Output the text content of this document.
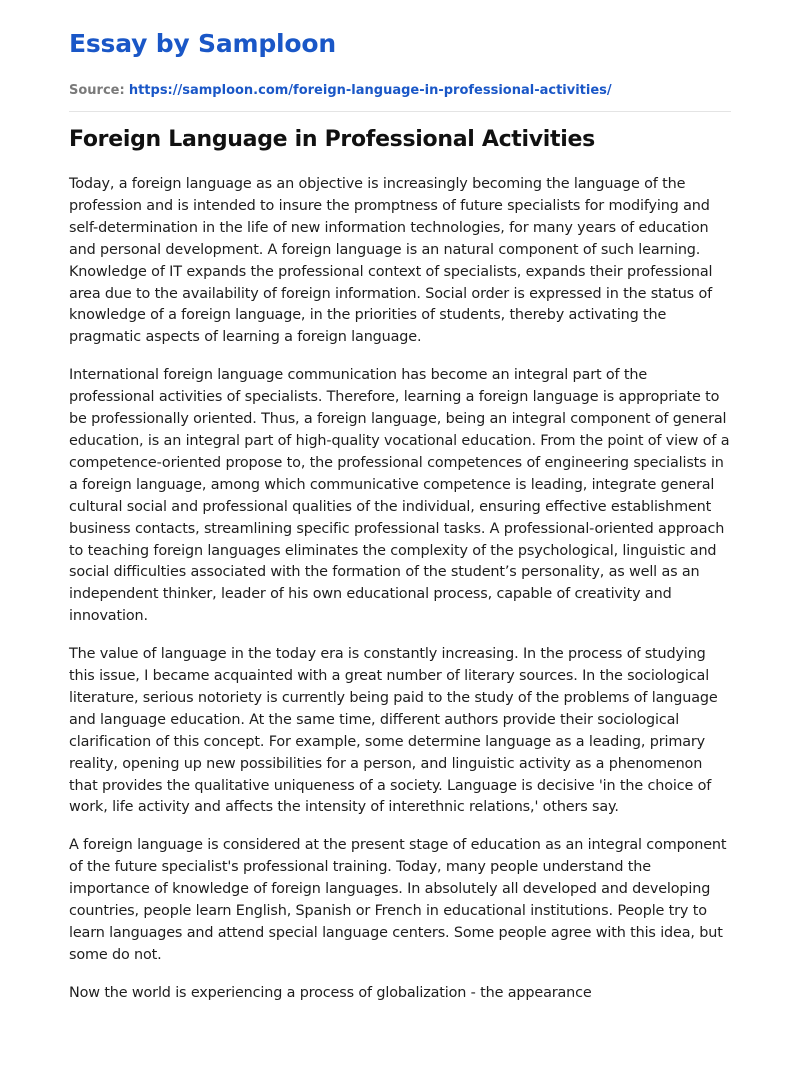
Essay by Samploon
Source: https://samploon.com/foreign-language-in-professional-activities/
Foreign Language in Professional Activities

Today, a foreign language as an objective is increasingly becoming the language of the profession and is intended to insure the promptness of future specialists for modifying and self-determination in the life of new information technologies, for many years of education and personal development. A foreign language is an natural component of such learning. Knowledge of IT expands the professional context of specialists, expands their professional area due to the availability of foreign information. Social order is expressed in the status of knowledge of a foreign language, in the priorities of students, thereby activating the pragmatic aspects of learning a foreign language.

International foreign language communication has become an integral part of the professional activities of specialists. Therefore, learning a foreign language is appropriate to be professionally oriented. Thus, a foreign language, being an integral component of general education, is an integral part of high-quality vocational education. From the point of view of a competence-oriented propose to, the professional competences of engineering specialists in a foreign language, among which communicative competence is leading, integrate general cultural social and professional qualities of the individual, ensuring effective establishment business contacts, streamlining specific professional tasks. A professional-oriented approach to teaching foreign languages eliminates the complexity of the psychological, linguistic and social difficulties associated with the formation of the student’s personality, as well as an independent thinker, leader of his own educational process, capable of creativity and innovation.

The value of language in the today era is constantly increasing. In the process of studying this issue, I became acquainted with a great number of literary sources. In the sociological literature, serious notoriety is currently being paid to the study of the problems of language and language education. At the same time, different authors provide their sociological clarification of this concept. For example, some determine language as a leading, primary reality, opening up new possibilities for a person, and linguistic activity as a phenomenon that provides the qualitative uniqueness of a society. Language is decisive 'in the choice of work, life activity and affects the intensity of interethnic relations,' others say.

A foreign language is considered at the present stage of education as an integral component of the future specialist's professional training. Today, many people understand the importance of knowledge of foreign languages. In absolutely all developed and developing countries, people learn English, Spanish or French in educational institutions. People try to learn languages and attend special language centers. Some people agree with this idea, but some do not.

Now the world is experiencing a process of globalization - the appearance
